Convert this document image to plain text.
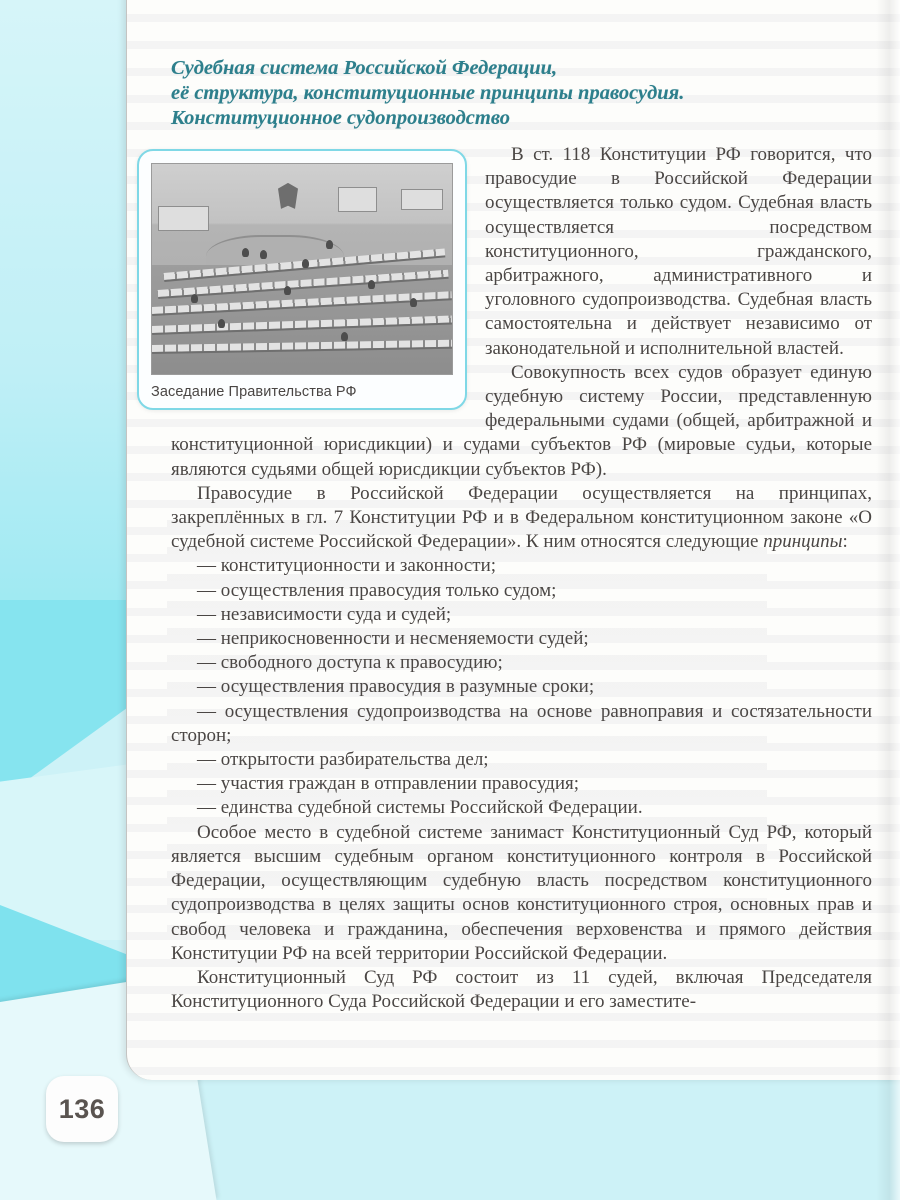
136
Судебная система Российской Федерации,
её структура, конституционные принципы правосудия.
Конституционное судопроизводство
Заседание Правительства РФ

В ст. 118 Конституции РФ говорится, что правосудие в Российской Федерации осуществляется только судом. Судебная власть осуществляется посредством конституционного, гражданского, арбитражного, административного и уголовного судопроизводства. Судебная власть самостоятельна и действует независимо от законодательной и исполнительной властей.

Совокупность всех судов образует единую судебную систему России, представленную федеральными судами (общей, арбитражной и конституционной юрисдикции) и судами субъектов РФ (мировые судьи, которые являются судьями общей юрисдикции субъектов РФ).

Правосудие в Российской Федерации осуществляется на принципах, закреплённых в гл. 7 Конституции РФ и в Федеральном конституционном законе «О судебной системе Российской Федерации». К ним относятся следующие принципы:

— конституционности и законности;
— осуществления правосудия только судом;
— независимости суда и судей;
— неприкосновенности и несменяемости судей;
— свободного доступа к правосудию;
— осуществления правосудия в разумные сроки;
— осуществления судопроизводства на основе равноправия и состязательности сторон;
— открытости разбирательства дел;
— участия граждан в отправлении правосудия;
— единства судебной системы Российской Федерации.

Особое место в судебной системе занимаст Конституционный Суд РФ, который является высшим судебным органом конституционного контроля в Российской Федерации, осуществляющим судебную власть посредством конституционного судопроизводства в целях защиты основ конституционного строя, основных прав и свобод человека и гражданина, обеспечения верховенства и прямого действия Конституции РФ на всей территории Российской Федерации.

Конституционный Суд РФ состоит из 11 судей, включая Председателя Конституционного Суда Российской Федерации и его заместите-
